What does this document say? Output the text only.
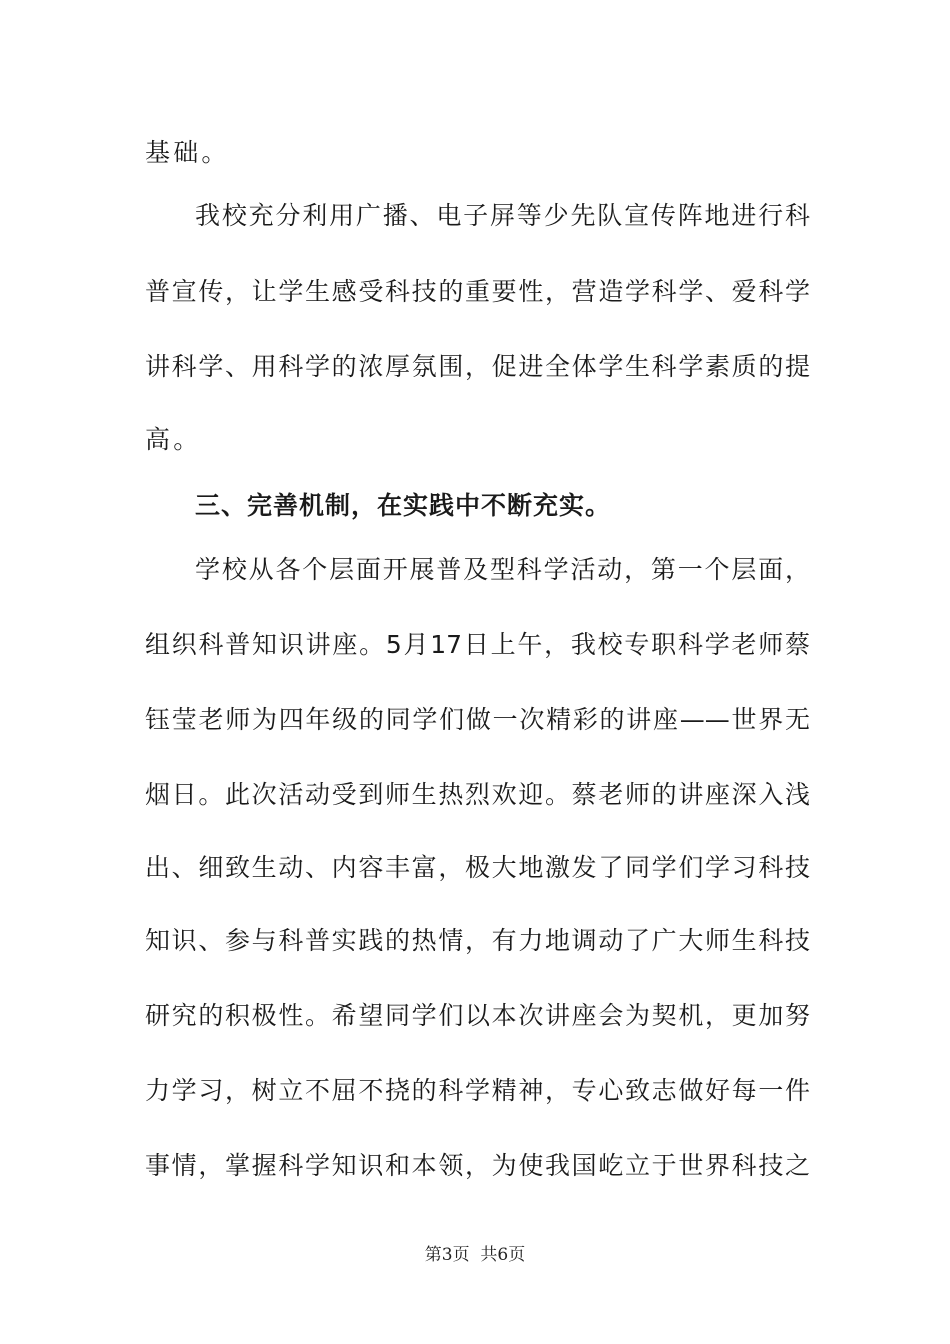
基础。
我校充分利用广播、电子屏等少先队宣传阵地进行科
普宣传，让学生感受科技的重要性，营造学科学、爱科学
讲科学、用科学的浓厚氛围，促进全体学生科学素质的提
高。
三、完善机制，在实践中不断充实。
学校从各个层面开展普及型科学活动，第一个层面，
组织科普知识讲座。5月17日上午，我校专职科学老师蔡
钰莹老师为四年级的同学们做一次精彩的讲座——世界无
烟日。此次活动受到师生热烈欢迎。蔡老师的讲座深入浅
出、细致生动、内容丰富，极大地激发了同学们学习科技
知识、参与科普实践的热情，有力地调动了广大师生科技
研究的积极性。希望同学们以本次讲座会为契机，更加努
力学习，树立不屈不挠的科学精神，专心致志做好每一件
事情，掌握科学知识和本领，为使我国屹立于世界科技之
第3页  共6页
